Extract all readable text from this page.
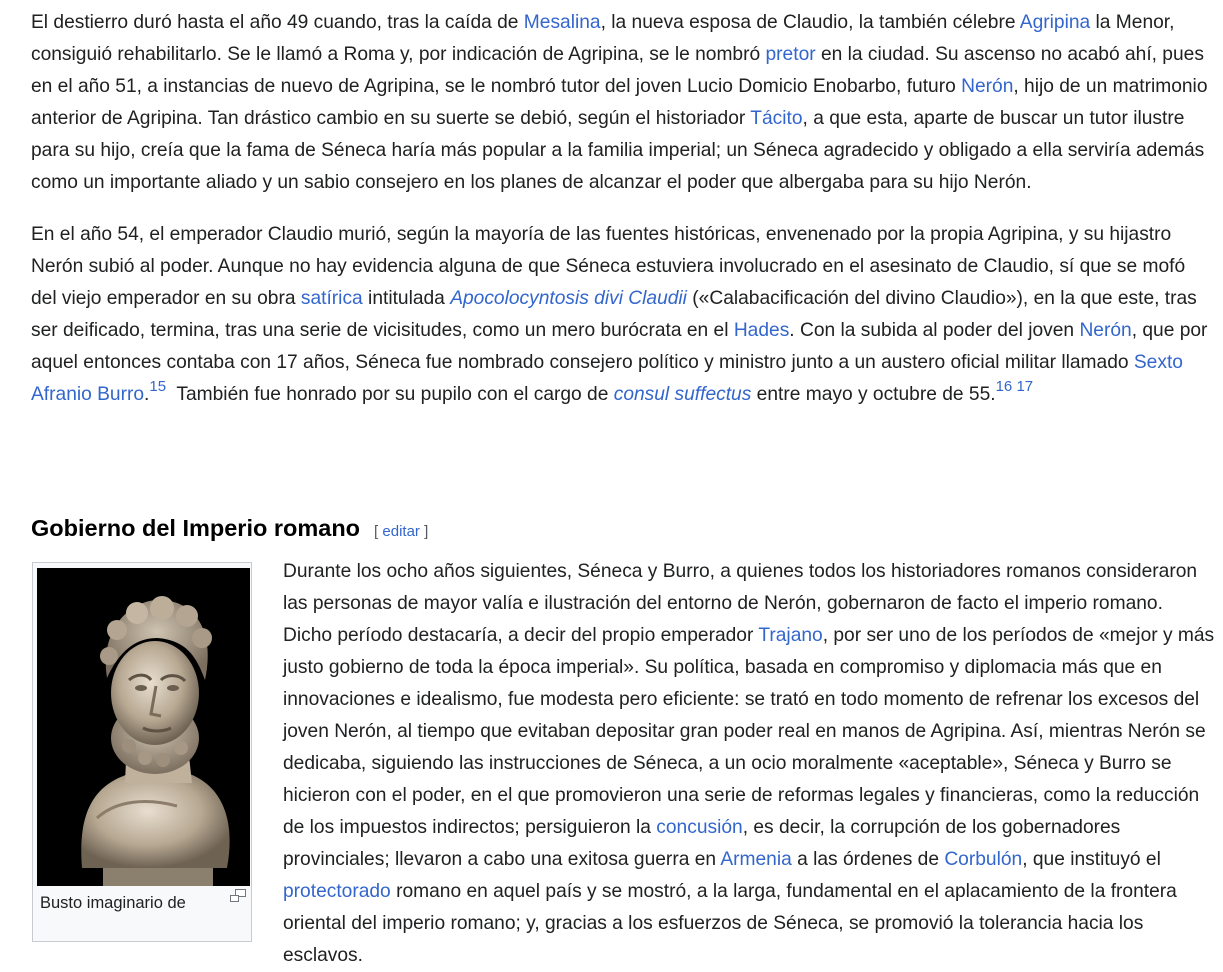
El destierro duró hasta el año 49 cuando, tras la caída de Mesalina, la nueva esposa de Claudio, la también célebre Agripina la Menor, consiguió rehabilitarlo. Se le llamó a Roma y, por indicación de Agripina, se le nombró pretor en la ciudad. Su ascenso no acabó ahí, pues en el año 51, a instancias de nuevo de Agripina, se le nombró tutor del joven Lucio Domicio Enobarbo, futuro Nerón, hijo de un matrimonio anterior de Agripina. Tan drástico cambio en su suerte se debió, según el historiador Tácito, a que esta, aparte de buscar un tutor ilustre para su hijo, creía que la fama de Séneca haría más popular a la familia imperial; un Séneca agradecido y obligado a ella serviría además como un importante aliado y un sabio consejero en los planes de alcanzar el poder que albergaba para su hijo Nerón.

En el año 54, el emperador Claudio murió, según la mayoría de las fuentes históricas, envenenado por la propia Agripina, y su hijastro Nerón subió al poder. Aunque no hay evidencia alguna de que Séneca estuviera involucrado en el asesinato de Claudio, sí que se mofó del viejo emperador en su obra satírica intitulada Apocolocyntosis divi Claudii («Calabacificación del divino Claudio»), en la que este, tras ser deificado, termina, tras una serie de vicisitudes, como un mero burócrata en el Hades. Con la subida al poder del joven Nerón, que por aquel entonces contaba con 17 años, Séneca fue nombrado consejero político y ministro junto a un austero oficial militar llamado Sexto Afranio Burro.$^{15}$  También fue honrado por su pupilo con el cargo de consul suffectus entre mayo y octubre de 55.$^{16 17}$

Gobierno del Imperio romano [ editar ]
Busto imaginario de

Durante los ocho años siguientes, Séneca y Burro, a quienes todos los historiadores romanos consideraron las personas de mayor valía e ilustración del entorno de Nerón, gobernaron de facto el imperio romano. Dicho período destacaría, a decir del propio emperador Trajano, por ser uno de los períodos de «mejor y más justo gobierno de toda la época imperial». Su política, basada en compromiso y diplomacia más que en innovaciones e idealismo, fue modesta pero eficiente: se trató en todo momento de refrenar los excesos del joven Nerón, al tiempo que evitaban depositar gran poder real en manos de Agripina. Así, mientras Nerón se dedicaba, siguiendo las instrucciones de Séneca, a un ocio moralmente «aceptable», Séneca y Burro se hicieron con el poder, en el que promovieron una serie de reformas legales y financieras, como la reducción de los impuestos indirectos; persiguieron la concusión, es decir, la corrupción de los gobernadores provinciales; llevaron a cabo una exitosa guerra en Armenia a las órdenes de Corbulón, que instituyó el protectorado romano en aquel país y se mostró, a la larga, fundamental en el aplacamiento de la frontera oriental del imperio romano; y, gracias a los esfuerzos de Séneca, se promovió la tolerancia hacia los esclavos.
